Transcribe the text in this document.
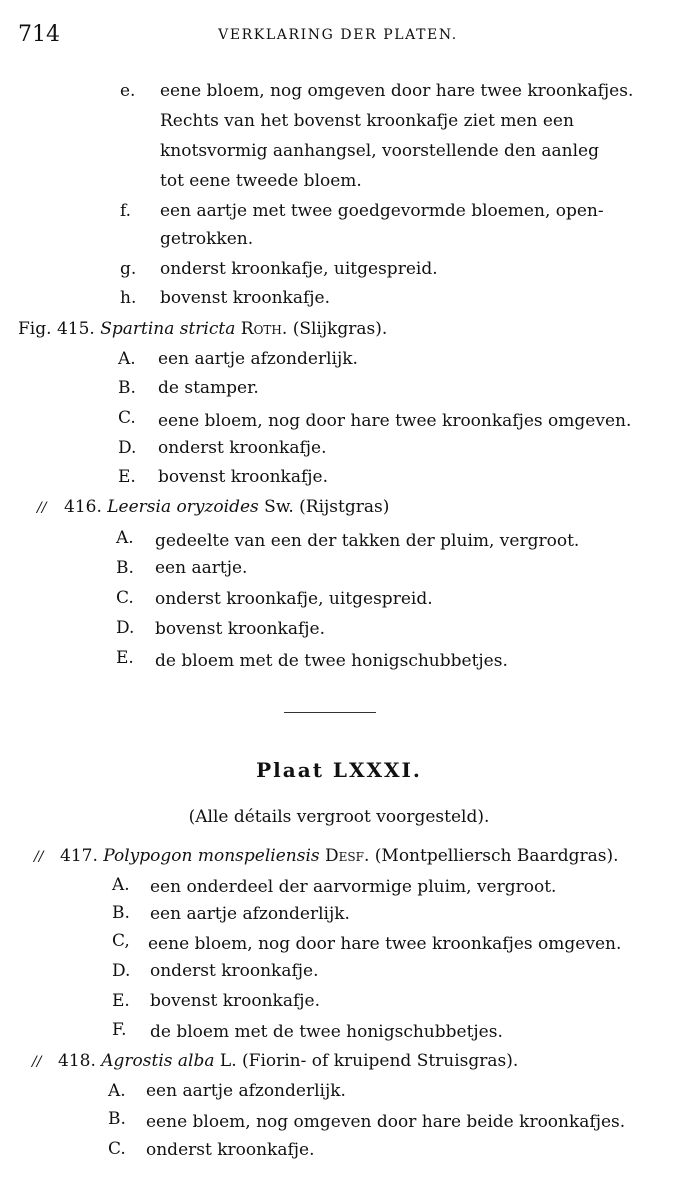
714	VERKLARING DER PLATEN.
e. eene bloem, nog omgeven door hare twee kroonkafjes.
Rechts van het bovenst kroonkafje ziet men een
knotsvormig aanhangsel, voorstellende den aanleg
tot eene tweede bloem.
f. een aartje met twee goedgevormde bloemen, open-
getrokken.
g. onderst kroonkafje, uitgespreid.
h. bovenst kroonkafje.
Fig. 415. Spartina stricta Roth. (Slijkgras).
A. een aartje afzonderlijk.
B. de stamper.
C. eene bloem, nog door hare twee kroonkafjes omgeven.
D. onderst kroonkafje.
E. bovenst kroonkafje.
// 416. Leersia oryzoides Sw. (Rijstgras)
A. gedeelte van een der takken der pluim, vergroot.
B. een aartje.
C. onderst kroonkafje, uitgespreid.
D. bovenst kroonkafje.
E. de bloem met de twee honigschubbetjes.
Plaat LXXXI.
(Alle détails vergroot voorgesteld).
// 417. Polypogon monspeliensis Desf. (Montpelliersch Baardgras).
A. een onderdeel der aarvormige pluim, vergroot.
B. een aartje afzonderlijk.
C, eene bloem, nog door hare twee kroonkafjes omgeven.
D. onderst kroonkafje.
E. bovenst kroonkafje.
F. de bloem met de twee honigschubbetjes.
// 418. Agrostis alba L. (Fiorin- of kruipend Struisgras).
A. een aartje afzonderlijk.
B. eene bloem, nog omgeven door hare beide kroonkafjes.
C. onderst kroonkafje.
